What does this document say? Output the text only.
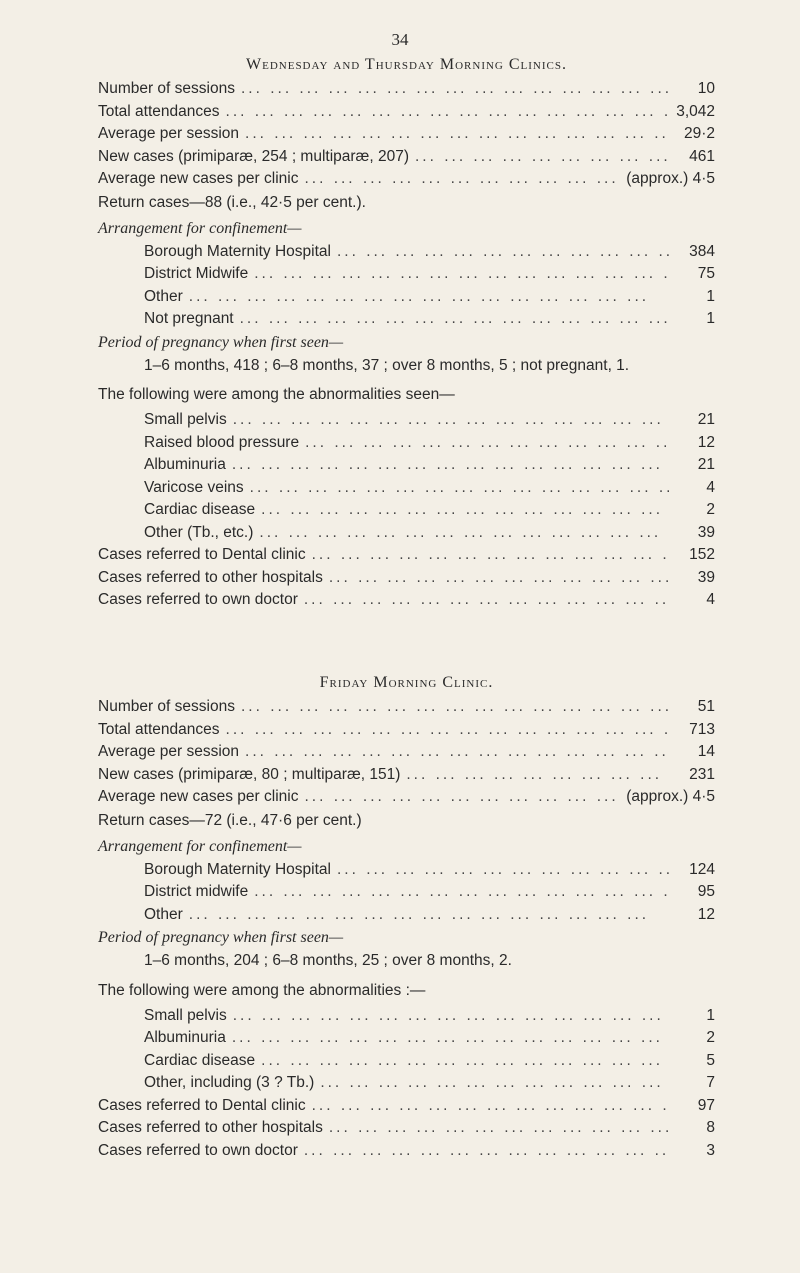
34
Wednesday and Thursday Morning Clinics.
Number of sessions ... .	10
Total attendances ... .	3,042
Average per session ... .	29·2
New cases (primiparæ, 254 ; multiparæ, 207) ... .	461
Average new cases per clinic ... .	(approx.) 4·5
Return cases—88 (i.e., 42·5 per cent.).
Arrangement for confinement—
Borough Maternity Hospital ... .	384
District Midwife ... .	75
Other ... .	1
Not pregnant ... .	1
Period of pregnancy when first seen—
1–6 months, 418 ; 6–8 months, 37 ; over 8 months, 5 ; not pregnant, 1.
The following were among the abnormalities seen—
Small pelvis ... .	21
Raised blood pressure ... .	12
Albuminuria ... .	21
Varicose veins ... .	4
Cardiac disease ... .	2
Other (Tb., etc.) ... .	39
Cases referred to Dental clinic ... .	152
Cases referred to other hospitals ... .	39
Cases referred to own doctor ... .	4
Friday Morning Clinic.
Number of sessions ... .	51
Total attendances ... .	713
Average per session ... .	14
New cases (primiparæ, 80 ; multiparæ, 151) ... .	231
Average new cases per clinic ... .	(approx.) 4·5
Return cases—72 (i.e., 47·6 per cent.)
Arrangement for confinement—
Borough Maternity Hospital ... .	124
District midwife ... .	95
Other ... .	12
Period of pregnancy when first seen—
1–6 months, 204 ; 6–8 months, 25 ; over 8 months, 2.
The following were among the abnormalities :—
Small pelvis ... .	1
Albuminuria ... .	2
Cardiac disease ... .	5
Other, including (3 ? Tb.) ... .	7
Cases referred to Dental clinic ... .	97
Cases referred to other hospitals ... .	8
Cases referred to own doctor ... .	3
